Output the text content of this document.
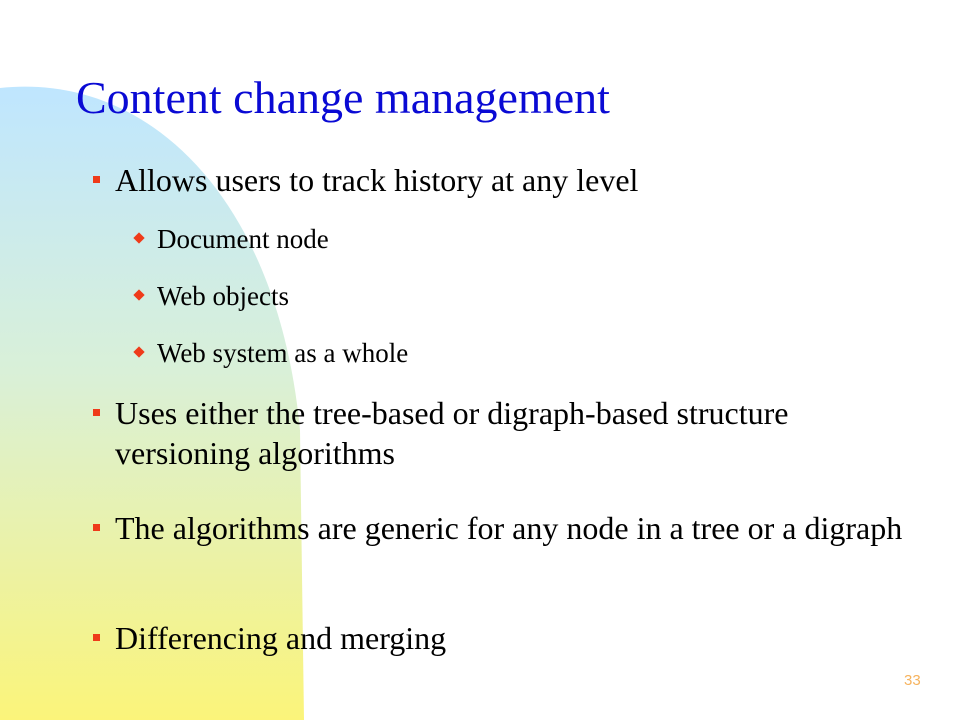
Content change management
Allows users to track history at any level
Document node
Web objects
Web system as a whole
Uses either the tree-based or digraph-based structure versioning algorithms
The algorithms are generic for any node in a tree or a digraph
Differencing and merging
33
